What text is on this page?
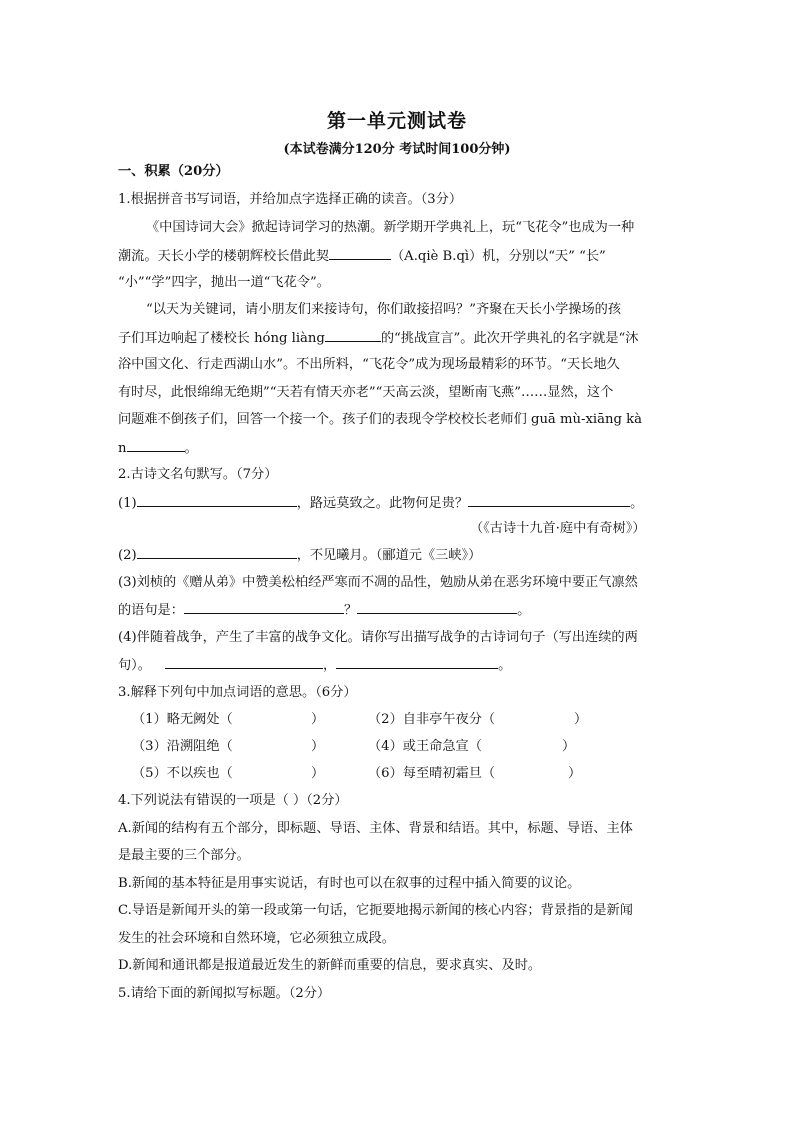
第一单元测试卷
(本试卷满分120分 考试时间100分钟)
一、积累（20分）
1.根据拼音书写词语，并给加点字选择正确的读音。（3分）
《中国诗词大会》掀起诗词学习的热潮。新学期开学典礼上，玩“飞花令”也成为一种
潮流。天长小学的楼朝辉校长借此契	（A.qiè B.qì）机，分别以“天” “长”
“小”“学”四字，抛出一道“飞花令”。
“以天为关键词，请小朋友们来接诗句，你们敢接招吗？”齐聚在天长小学操场的孩
子们耳边响起了楼校长 hóng liàng	的“挑战宣言”。此次开学典礼的名字就是“沐
浴中国文化、行走西湖山水”。不出所料，“飞花令”成为现场最精彩的环节。“天长地久
有时尽，此恨绵绵无绝期”“天若有情天亦老”“天高云淡，望断南飞燕”……显然，这个
问题难不倒孩子们，回答一个接一个。孩子们的表现令学校校长老师们 guā mù-xiāng kà
n	。
2.古诗文名句默写。（7分）
(1)	，路远莫致之。此物何足贵？	。
（《古诗十九首·庭中有奇树》）
(2)	，不见曦月。（郦道元《三峡》）
(3)刘桢的《赠从弟》中赞美松柏经严寒而不凋的品性，勉励从弟在恶劣环境中要正气凛然
的语句是：	？	。
(4)伴随着战争，产生了丰富的战争文化。请你写出描写战争的古诗词句子（写出连续的两
句）。	，	。
3.解释下列句中加点词语的意思。（6分）
（1）略无阙处（	）	（2）自非亭午夜分（	）
（3）沿溯阻绝（	）	（4）或王命急宣（	）
（5）不以疾也（	）	（6）每至晴初霜旦（	）
4.下列说法有错误的一项是（ ）（2分）
A.新闻的结构有五个部分，即标题、导语、主体、背景和结语。其中，标题、导语、主体
是最主要的三个部分。
B.新闻的基本特征是用事实说话，有时也可以在叙事的过程中插入简要的议论。
C.导语是新闻开头的第一段或第一句话，它扼要地揭示新闻的核心内容；背景指的是新闻
发生的社会环境和自然环境，它必须独立成段。
D.新闻和通讯都是报道最近发生的新鲜而重要的信息，要求真实、及时。
5.请给下面的新闻拟写标题。（2分）
